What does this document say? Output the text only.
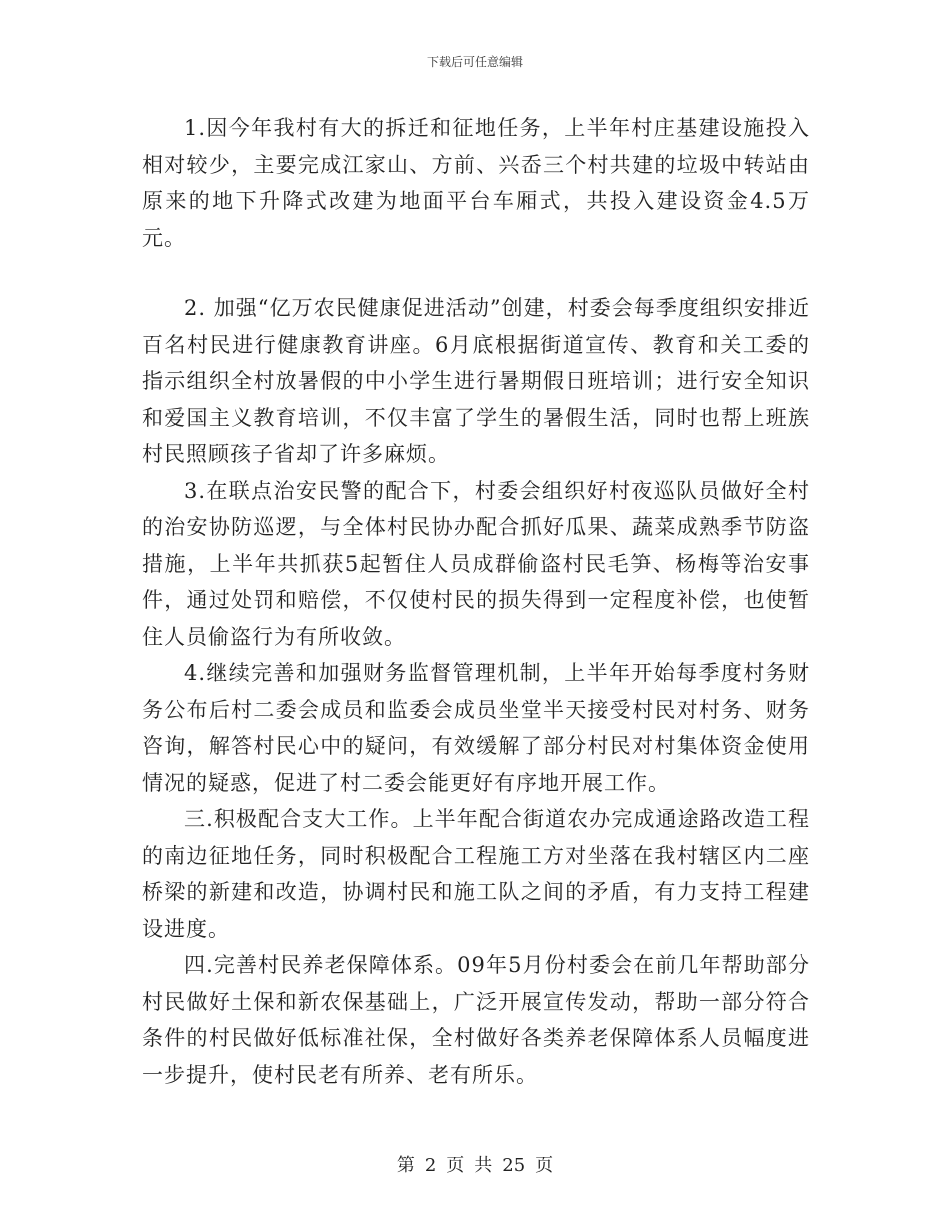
下载后可任意编辑

1.因今年我村有大的拆迁和征地任务，上半年村庄基建设施投入相对较少，主要完成江家山、方前、兴岙三个村共建的垃圾中转站由原来的地下升降式改建为地面平台车厢式，共投入建设资金4.5万元。

2. 加强“亿万农民健康促进活动”创建，村委会每季度组织安排近百名村民进行健康教育讲座。6月底根据街道宣传、教育和关工委的指示组织全村放暑假的中小学生进行暑期假日班培训；进行安全知识和爱国主义教育培训，不仅丰富了学生的暑假生活，同时也帮上班族村民照顾孩子省却了许多麻烦。

3.在联点治安民警的配合下，村委会组织好村夜巡队员做好全村的治安协防巡逻，与全体村民协办配合抓好瓜果、蔬菜成熟季节防盗措施，上半年共抓获5起暂住人员成群偷盗村民毛笋、杨梅等治安事件，通过处罚和赔偿，不仅使村民的损失得到一定程度补偿，也使暂住人员偷盗行为有所收敛。

4.继续完善和加强财务监督管理机制，上半年开始每季度村务财务公布后村二委会成员和监委会成员坐堂半天接受村民对村务、财务咨询，解答村民心中的疑问，有效缓解了部分村民对村集体资金使用情况的疑惑，促进了村二委会能更好有序地开展工作。

三.积极配合支大工作。上半年配合街道农办完成通途路改造工程的南边征地任务，同时积极配合工程施工方对坐落在我村辖区内二座桥梁的新建和改造，协调村民和施工队之间的矛盾，有力支持工程建设进度。

四.完善村民养老保障体系。09年5月份村委会在前几年帮助部分村民做好土保和新农保基础上，广泛开展宣传发动，帮助一部分符合条件的村民做好低标准社保，全村做好各类养老保障体系人员幅度进一步提升，使村民老有所养、老有所乐。

第 2 页 共 25 页
